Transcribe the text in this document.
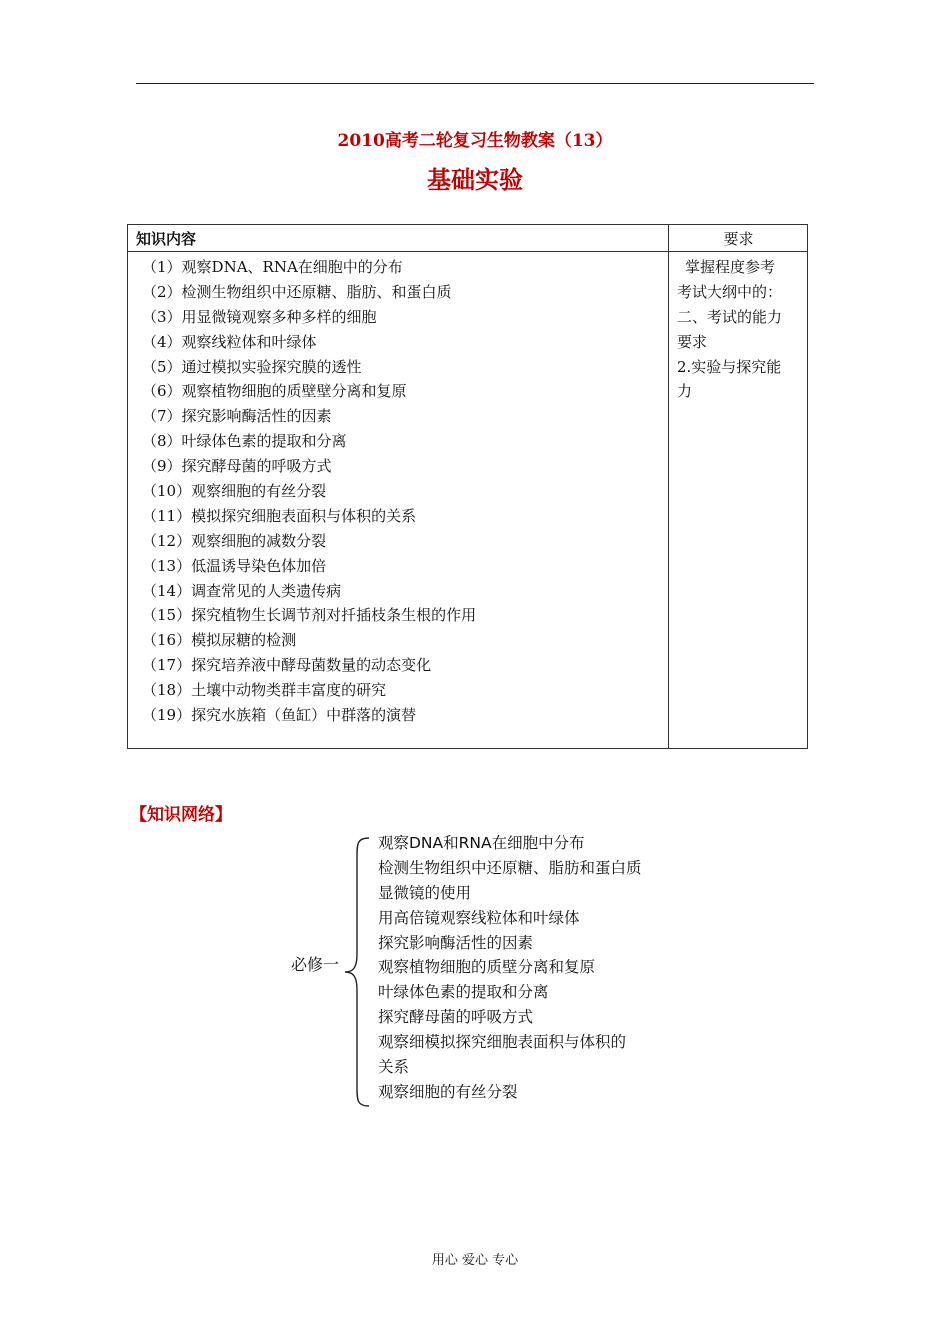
2010高考二轮复习生物教案（13）
基础实验
知识内容	要求
（1）观察DNA、RNA在细胞中的分布
（2）检测生物组织中还原糖、脂肪、和蛋白质
（3）用显微镜观察多种多样的细胞
（4）观察线粒体和叶绿体
（5）通过模拟实验探究膜的透性
（6）观察植物细胞的质壁壁分离和复原
（7）探究影响酶活性的因素
（8）叶绿体色素的提取和分离
（9）探究酵母菌的呼吸方式
（10）观察细胞的有丝分裂
（11）模拟探究细胞表面积与体积的关系
（12）观察细胞的减数分裂
（13）低温诱导染色体加倍
（14）调查常见的人类遗传病
（15）探究植物生长调节剂对扦插枝条生根的作用
（16）模拟尿糖的检测
（17）探究培养液中酵母菌数量的动态变化
（18）土壤中动物类群丰富度的研究
（19）探究水族箱（鱼缸）中群落的演替
掌握程度参考
考试大纲中的：
二、考试的能力
要求
2.实验与探究能
力
【知识网络】
必修一
观察DNA和RNA在细胞中分布
检测生物组织中还原糖、脂肪和蛋白质
显微镜的使用
用高倍镜观察线粒体和叶绿体
探究影响酶活性的因素
观察植物细胞的质壁分离和复原
叶绿体色素的提取和分离
探究酵母菌的呼吸方式
观察细模拟探究细胞表面积与体积的
关系
观察细胞的有丝分裂
用心 爱心 专心
